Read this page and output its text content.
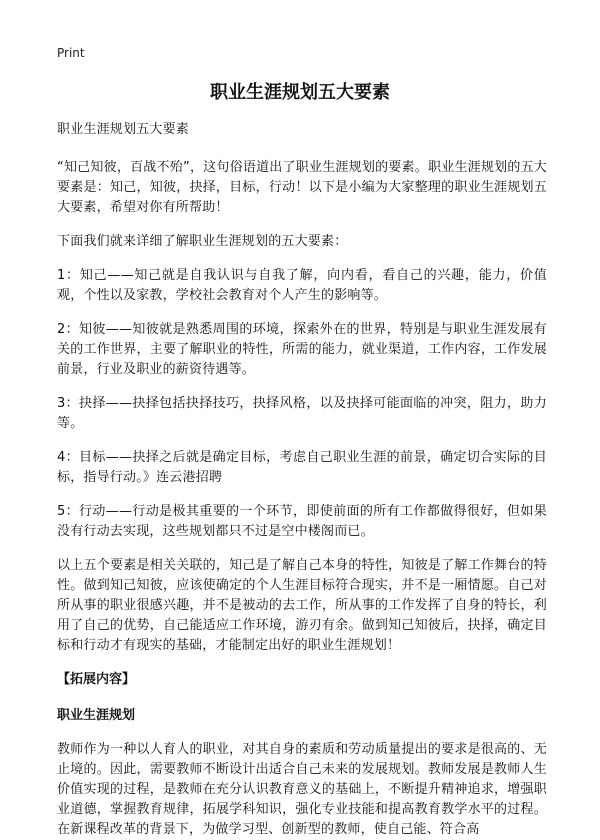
Print
职业生涯规划五大要素

职业生涯规划五大要素

“知己知彼，百战不殆”，这句俗语道出了职业生涯规划的要素。职业生涯规划的五大要素是：知己，知彼，抉择，目标，行动！以下是小编为大家整理的职业生涯规划五大要素，希望对你有所帮助！

下面我们就来详细了解职业生涯规划的五大要素：

1：知己——知己就是自我认识与自我了解，向内看，看自己的兴趣，能力，价值观，个性以及家教，学校社会教育对个人产生的影响等。

2：知彼——知彼就是熟悉周围的环境，探索外在的世界，特别是与职业生涯发展有关的工作世界，主要了解职业的特性，所需的能力，就业渠道，工作内容，工作发展前景，行业及职业的薪资待遇等。

3：抉择——抉择包括抉择技巧，抉择风格，以及抉择可能面临的冲突，阻力，助力等。

4：目标——抉择之后就是确定目标，考虑自己职业生涯的前景，确定切合实际的目标，指导行动。》连云港招聘

5：行动——行动是极其重要的一个环节，即使前面的所有工作都做得很好，但如果没有行动去实现，这些规划都只不过是空中楼阁而已。

以上五个要素是相关关联的，知己是了解自己本身的特性，知彼是了解工作舞台的特性。做到知己知彼，应该使确定的个人生涯目标符合现实，并不是一厢情愿。自己对所从事的职业很感兴趣，并不是被动的去工作，所从事的工作发挥了自身的特长，利用了自己的优势，自己能适应工作环境，游刃有余。做到知己知彼后，抉择，确定目标和行动才有现实的基础，才能制定出好的职业生涯规划！

【拓展内容】
职业生涯规划

教师作为一种以人育人的职业，对其自身的素质和劳动质量提出的要求是很高的、无止境的。因此，需要教师不断设计出适合自己未来的发展规划。教师发展是教师人生价值实现的过程，是教师在充分认识教育意义的基础上，不断提升精神追求，增强职业道德，掌握教育规律，拓展学科知识，强化专业技能和提高教育教学水平的过程。在新课程改革的背景下，为做学习型、创新型的教师，使自己能、符合高
